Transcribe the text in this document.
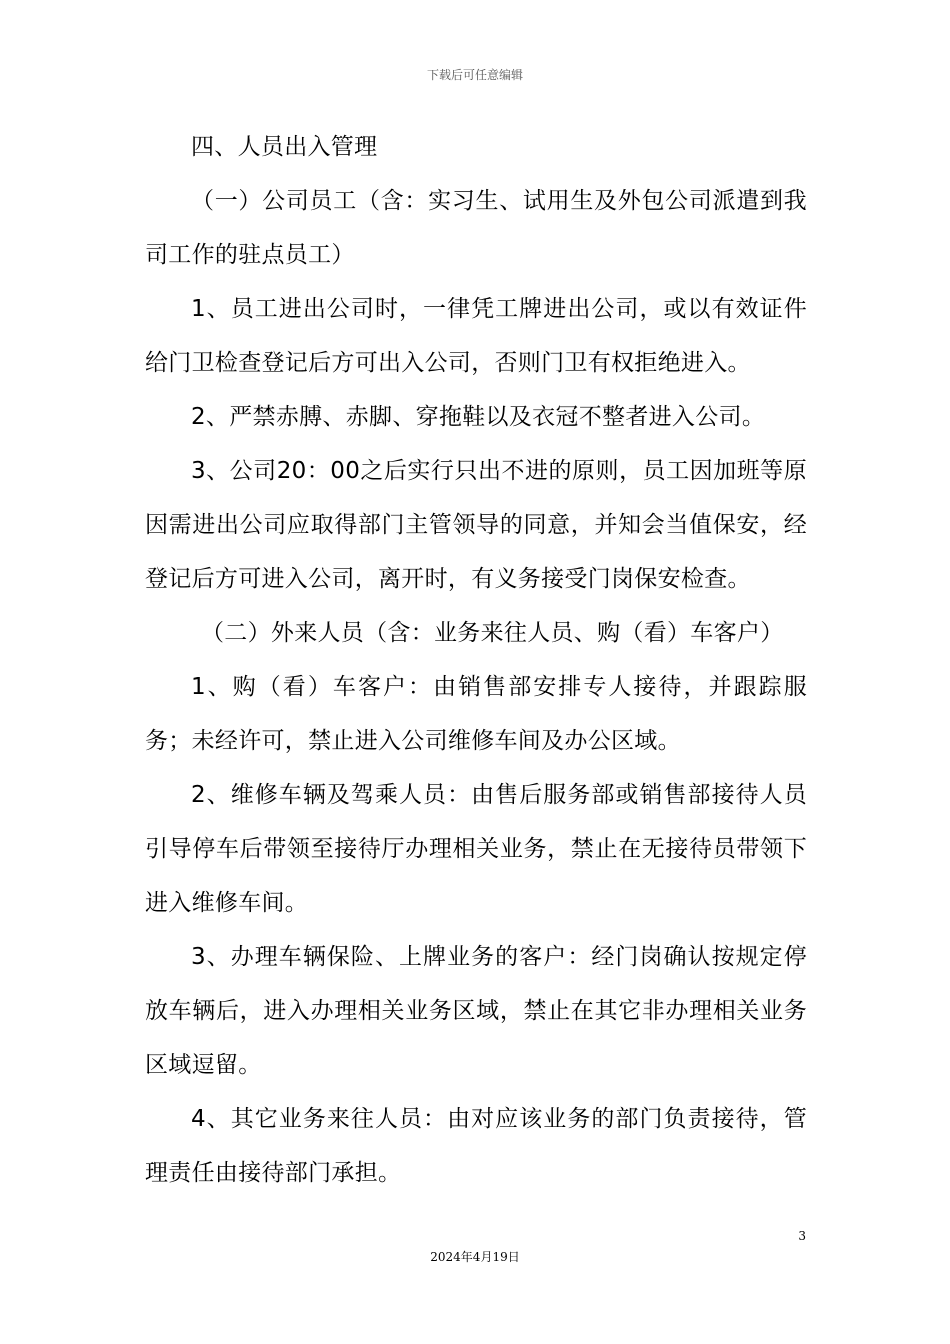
下载后可任意编辑

四、人员出入管理

（一）公司员工（含：实习生、试用生及外包公司派遣到我司工作的驻点员工）

1、员工进出公司时，一律凭工牌进出公司，或以有效证件给门卫检查登记后方可出入公司，否则门卫有权拒绝进入。

2、严禁赤膊、赤脚、穿拖鞋以及衣冠不整者进入公司。

3、公司20：00之后实行只出不进的原则，员工因加班等原因需进出公司应取得部门主管领导的同意，并知会当值保安，经登记后方可进入公司，离开时，有义务接受门岗保安检查。

（二）外来人员（含：业务来往人员、购（看）车客户）

1、购（看）车客户：由销售部安排专人接待，并跟踪服务；未经许可，禁止进入公司维修车间及办公区域。

2、维修车辆及驾乘人员：由售后服务部或销售部接待人员引导停车后带领至接待厅办理相关业务，禁止在无接待员带领下进入维修车间。

3、办理车辆保险、上牌业务的客户：经门岗确认按规定停放车辆后，进入办理相关业务区域，禁止在其它非办理相关业务区域逗留。

4、其它业务来往人员：由对应该业务的部门负责接待，管理责任由接待部门承担。

3
2024年4月19日
